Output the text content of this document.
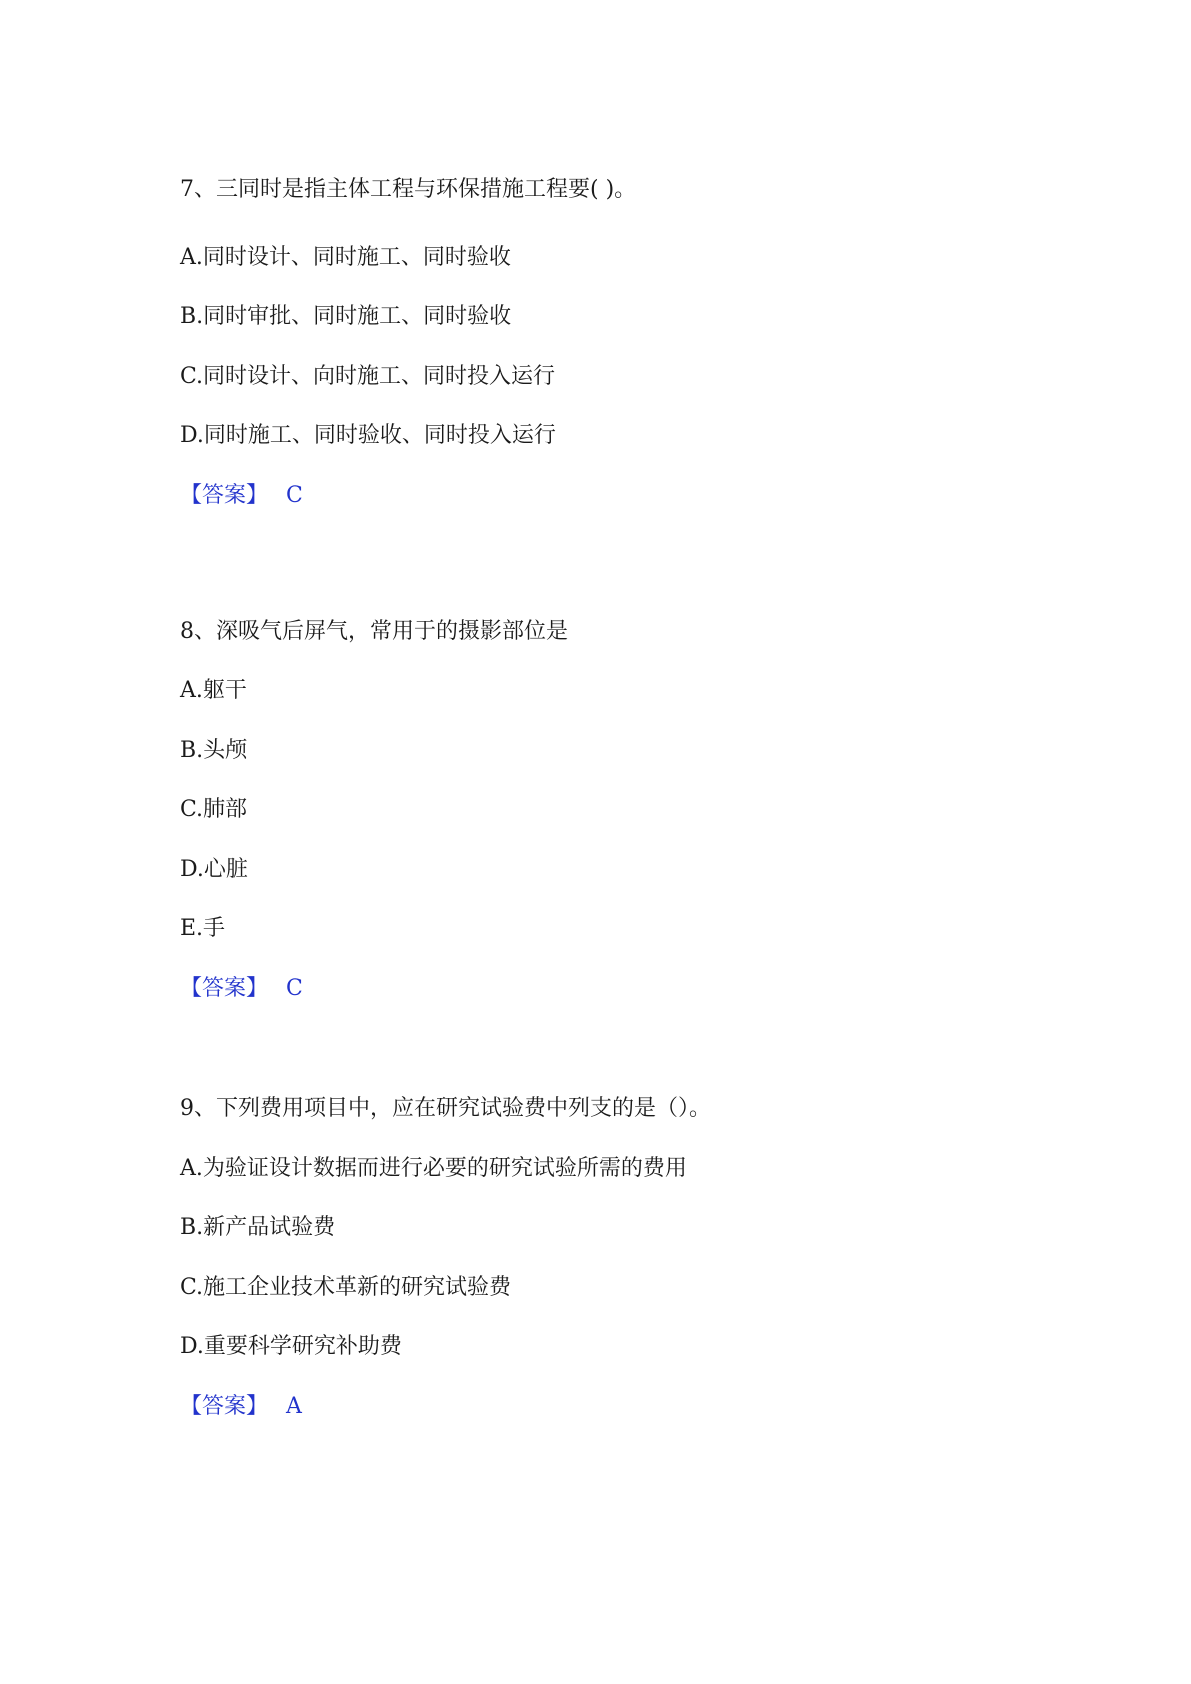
7、三同时是指主体工程与环保措施工程要( )。
A.同时设计、同时施工、同时验收
B.同时审批、同时施工、同时验收
C.同时设计、向时施工、同时投入运行
D.同时施工、同时验收、同时投入运行
【答案】 C
8、深吸气后屏气，常用于的摄影部位是
A.躯干
B.头颅
C.肺部
D.心脏
E.手
【答案】 C
9、下列费用项目中，应在研究试验费中列支的是（）。
A.为验证设计数据而进行必要的研究试验所需的费用
B.新产品试验费
C.施工企业技术革新的研究试验费
D.重要科学研究补助费
【答案】 A
